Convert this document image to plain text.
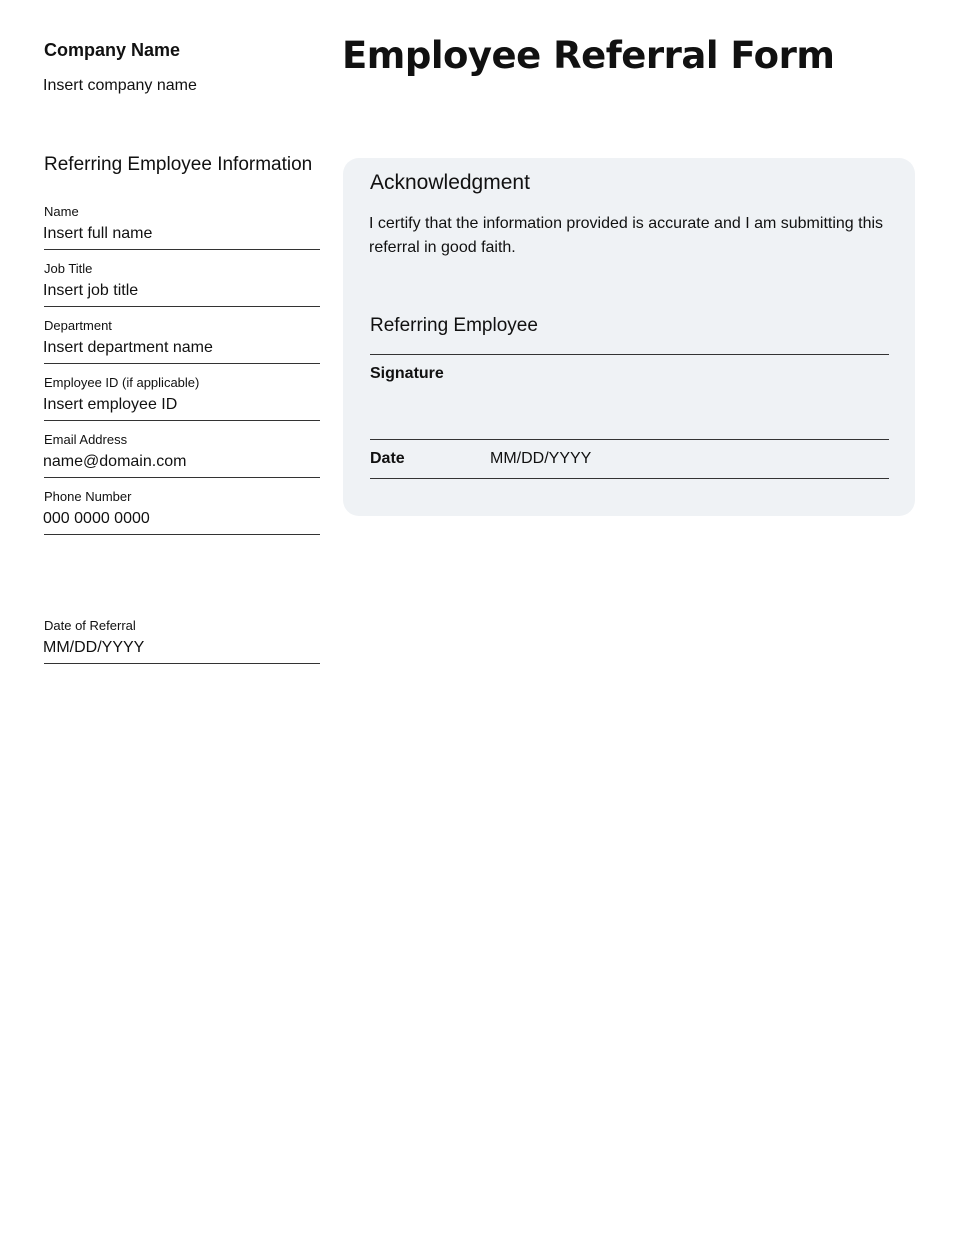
Company Name
Insert company name
Employee Referral Form
Referring Employee Information
Name
Insert full name
Job Title
Insert job title
Department
Insert department name
Employee ID (if applicable)
Insert employee ID
Email Address
name@domain.com
Phone Number
000 0000 0000
Date of Referral
MM/DD/YYYY
Acknowledgment
I certify that the information provided is accurate and I am submitting this referral in good faith.
Referring Employee
Signature
Date	MM/DD/YYYY
